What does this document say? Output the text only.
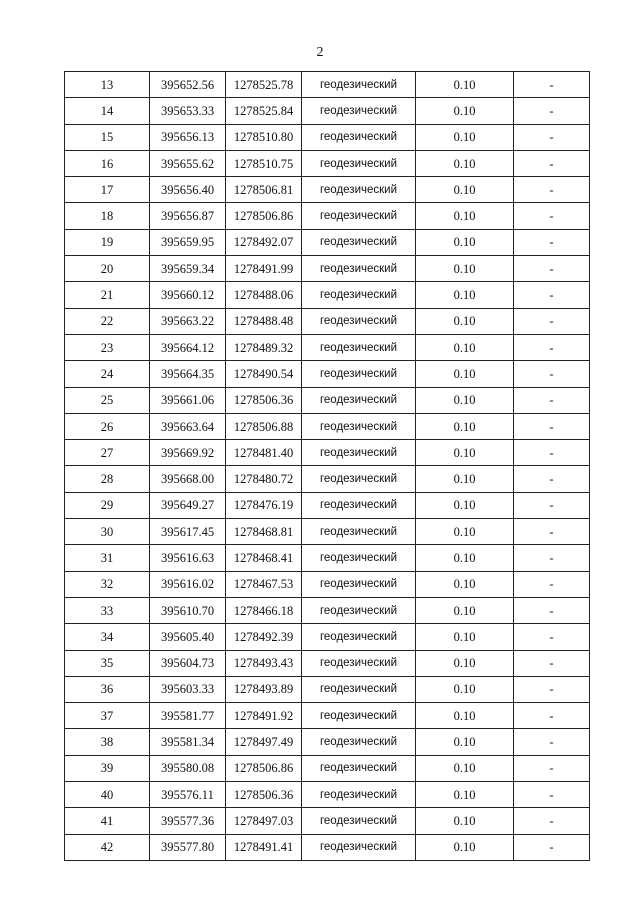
2
13	395652.56	1278525.78	геодезический	0.10	-
14	395653.33	1278525.84	геодезический	0.10	-
15	395656.13	1278510.80	геодезический	0.10	-
16	395655.62	1278510.75	геодезический	0.10	-
17	395656.40	1278506.81	геодезический	0.10	-
18	395656.87	1278506.86	геодезический	0.10	-
19	395659.95	1278492.07	геодезический	0.10	-
20	395659.34	1278491.99	геодезический	0.10	-
21	395660.12	1278488.06	геодезический	0.10	-
22	395663.22	1278488.48	геодезический	0.10	-
23	395664.12	1278489.32	геодезический	0.10	-
24	395664.35	1278490.54	геодезический	0.10	-
25	395661.06	1278506.36	геодезический	0.10	-
26	395663.64	1278506.88	геодезический	0.10	-
27	395669.92	1278481.40	геодезический	0.10	-
28	395668.00	1278480.72	геодезический	0.10	-
29	395649.27	1278476.19	геодезический	0.10	-
30	395617.45	1278468.81	геодезический	0.10	-
31	395616.63	1278468.41	геодезический	0.10	-
32	395616.02	1278467.53	геодезический	0.10	-
33	395610.70	1278466.18	геодезический	0.10	-
34	395605.40	1278492.39	геодезический	0.10	-
35	395604.73	1278493.43	геодезический	0.10	-
36	395603.33	1278493.89	геодезический	0.10	-
37	395581.77	1278491.92	геодезический	0.10	-
38	395581.34	1278497.49	геодезический	0.10	-
39	395580.08	1278506.86	геодезический	0.10	-
40	395576.11	1278506.36	геодезический	0.10	-
41	395577.36	1278497.03	геодезический	0.10	-
42	395577.80	1278491.41	геодезический	0.10	-
